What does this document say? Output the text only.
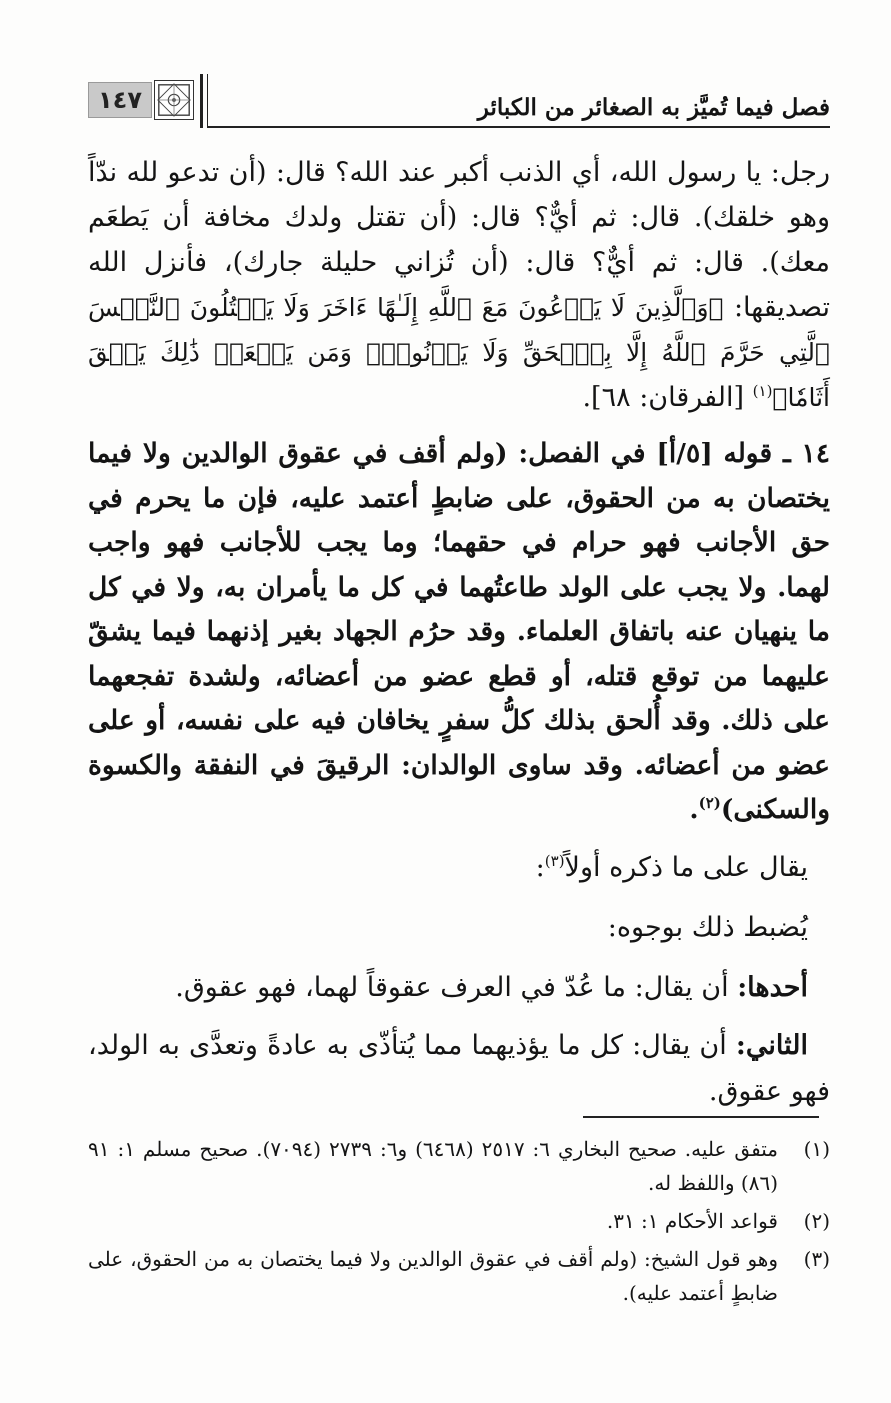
١٤٧	فصل فيما تُميَّز به الصغائر من الكبائر

رجل: يا رسول الله، أي الذنب أكبر عند الله؟ قال: (أن تدعو لله ندّاً وهو خلقك). قال: ثم أيٌّ؟ قال: (أن تقتل ولدك مخافة أن يَطعَم معك). قال: ثم أيٌّ؟ قال: (أن تُزاني حليلة جارك)، فأنزل الله تصديقها: ﴿وَٱلَّذِينَ لَا يَدۡعُونَ مَعَ ٱللَّهِ إِلَـٰهًا ءَاخَرَ وَلَا يَقۡتُلُونَ ٱلنَّفۡسَ ٱلَّتِي حَرَّمَ ٱللَّهُ إِلَّا بِٱلۡحَقِّ وَلَا يَزۡنُونَۚ وَمَن يَفۡعَلۡ ذَٰلِكَ يَلۡقَ أَثَامٗا﴾$^{(١)}$ [الفرقان: ٦٨].

١٤ ـ قوله [٥/أ] في الفصل: (ولم أقف في عقوق الوالدين ولا فيما يختصان به من الحقوق، على ضابطٍ أعتمد عليه، فإن ما يحرم في حق الأجانب فهو حرام في حقهما؛ وما يجب للأجانب فهو واجب لهما. ولا يجب على الولد طاعتُهما في كل ما يأمران به، ولا في كل ما ينهيان عنه باتفاق العلماء. وقد حرُم الجهاد بغير إذنهما فيما يشقّ عليهما من توقع قتله، أو قطع عضو من أعضائه، ولشدة تفجعهما على ذلك. وقد أُلحق بذلك كلُّ سفرٍ يخافان فيه على نفسه، أو على عضو من أعضائه. وقد ساوى الوالدان: الرقيقَ في النفقة والكسوة والسكنى)$^{(٢)}$.

يقال على ما ذكره أولاً$^{(٣)}$:

يُضبط ذلك بوجوه:

أحدها: أن يقال: ما عُدّ في العرف عقوقاً لهما، فهو عقوق.

الثاني: أن يقال: كل ما يؤذيهما مما يُتأذّى به عادةً وتعدَّى به الولد، فهو عقوق.

(١)
متفق عليه. صحيح البخاري ٦: ٢٥١٧ (٦٤٦٨) و٦: ٢٧٣٩ (٧٠٩٤). صحيح مسلم ١: ٩١ (٨٦) واللفظ له.
(٢)
قواعد الأحكام ١: ٣١.
(٣)
وهو قول الشيخ: (ولم أقف في عقوق الوالدين ولا فيما يختصان به من الحقوق، على ضابطٍ أعتمد عليه).
